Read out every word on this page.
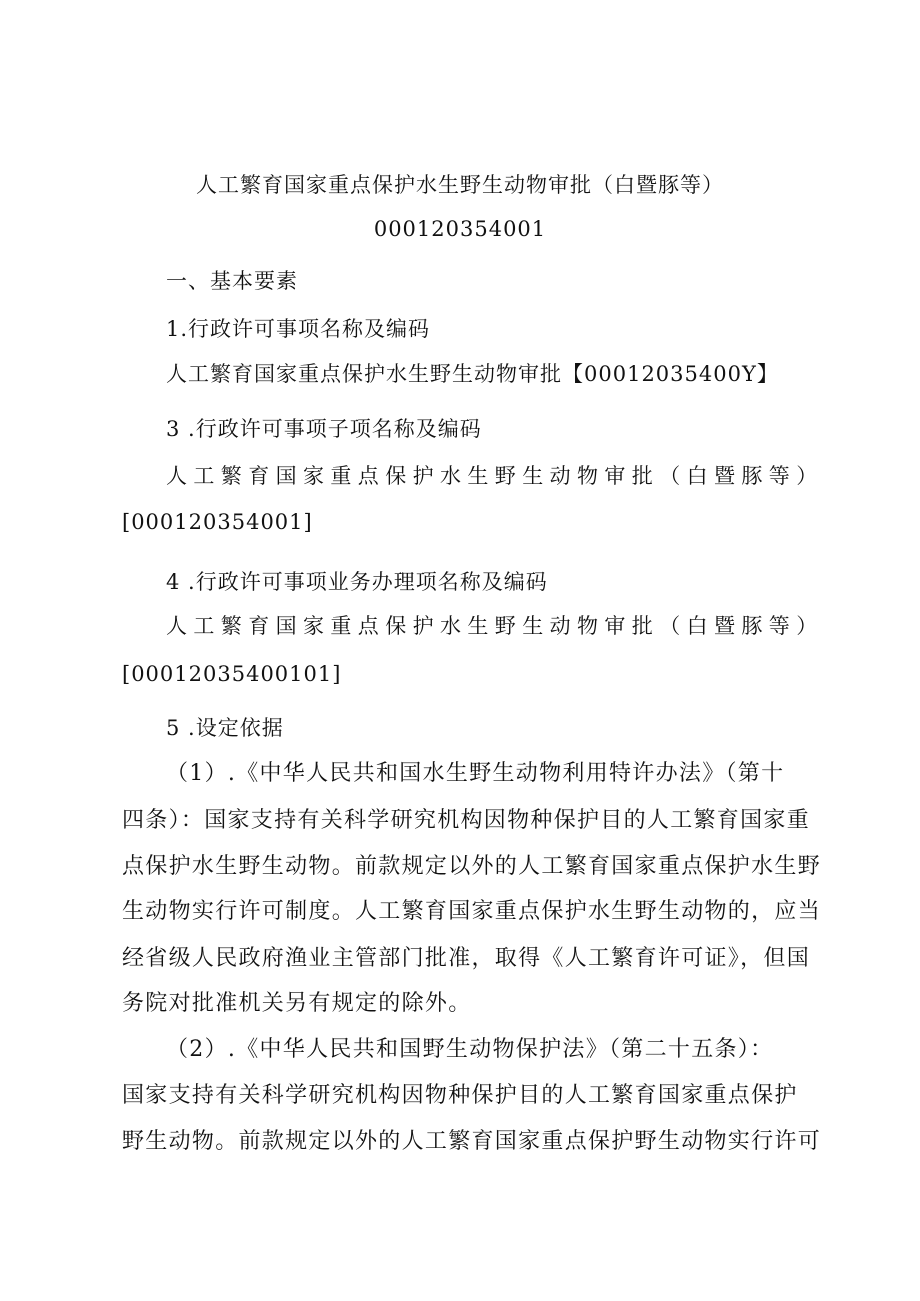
人工繁育国家重点保护水生野生动物审批（白暨豚等）
000120354001
一、基本要素
1.行政许可事项名称及编码
人工繁育国家重点保护水生野生动物审批【00012035400Y】
3 .行政许可事项子项名称及编码
人工繁育国家重点保护水生野生动物审批（白暨豚等）
[000120354001]
4 .行政许可事项业务办理项名称及编码
人工繁育国家重点保护水生野生动物审批（白暨豚等）
[00012035400101]
5 .设定依据
（1）.《中华人民共和国水生野生动物利用特许办法》（第十
四条）：国家支持有关科学研究机构因物种保护目的人工繁育国家重
点保护水生野生动物。前款规定以外的人工繁育国家重点保护水生野
生动物实行许可制度。人工繁育国家重点保护水生野生动物的，应当
经省级人民政府渔业主管部门批准，取得《人工繁育许可证》，但国
务院对批准机关另有规定的除外。
（2）.《中华人民共和国野生动物保护法》（第二十五条）：
国家支持有关科学研究机构因物种保护目的人工繁育国家重点保护
野生动物。前款规定以外的人工繁育国家重点保护野生动物实行许可
